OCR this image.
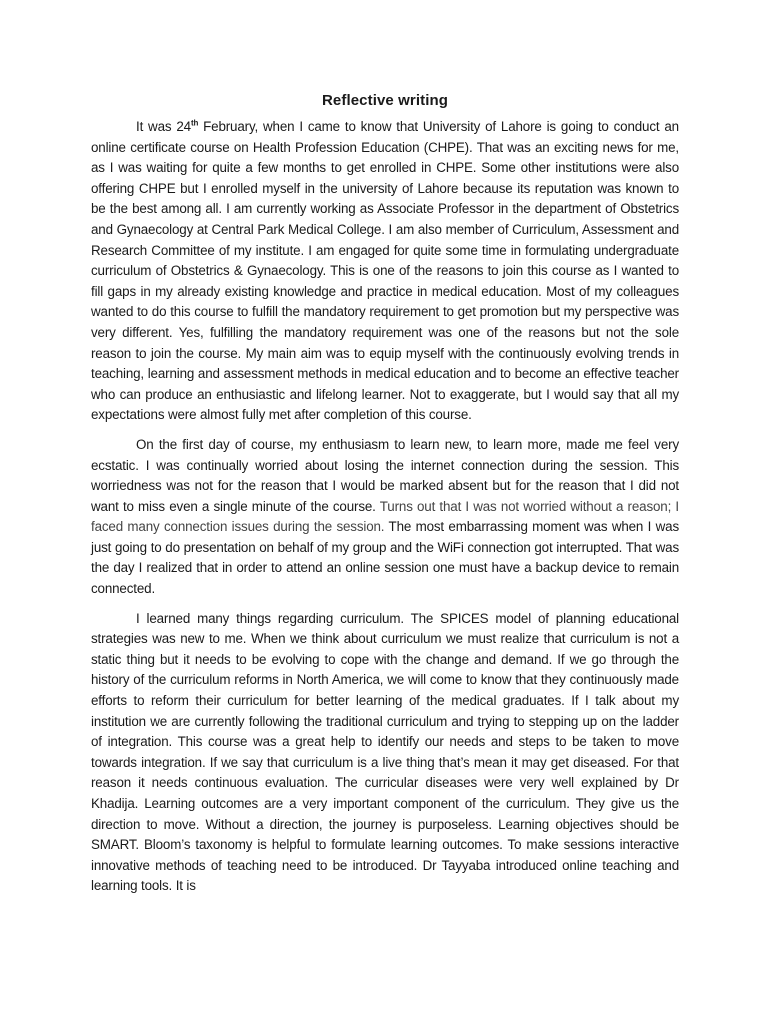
Reflective writing

It was 24th February, when I came to know that University of Lahore is going to conduct an online certificate course on Health Profession Education (CHPE). That was an exciting news for me, as I was waiting for quite a few months to get enrolled in CHPE. Some other institutions were also offering CHPE but I enrolled myself in the university of Lahore because its reputation was known to be the best among all. I am currently working as Associate Professor in the department of Obstetrics and Gynaecology at Central Park Medical College. I am also member of Curriculum, Assessment and Research Committee of my institute. I am engaged for quite some time in formulating undergraduate curriculum of Obstetrics & Gynaecology. This is one of the reasons to join this course as I wanted to fill gaps in my already existing knowledge and practice in medical education. Most of my colleagues wanted to do this course to fulfill the mandatory requirement to get promotion but my perspective was very different. Yes, fulfilling the mandatory requirement was one of the reasons but not the sole reason to join the course. My main aim was to equip myself with the continuously evolving trends in teaching, learning and assessment methods in medical education and to become an effective teacher who can produce an enthusiastic and lifelong learner. Not to exaggerate, but I would say that all my expectations were almost fully met after completion of this course.

On the first day of course, my enthusiasm to learn new, to learn more, made me feel very ecstatic. I was continually worried about losing the internet connection during the session. This worriedness was not for the reason that I would be marked absent but for the reason that I did not want to miss even a single minute of the course. Turns out that I was not worried without a reason; I faced many connection issues during the session. The most embarrassing moment was when I was just going to do presentation on behalf of my group and the WiFi connection got interrupted. That was the day I realized that in order to attend an online session one must have a backup device to remain connected.

I learned many things regarding curriculum. The SPICES model of planning educational strategies was new to me. When we think about curriculum we must realize that curriculum is not a static thing but it needs to be evolving to cope with the change and demand. If we go through the history of the curriculum reforms in North America, we will come to know that they continuously made efforts to reform their curriculum for better learning of the medical graduates. If I talk about my institution we are currently following the traditional curriculum and trying to stepping up on the ladder of integration. This course was a great help to identify our needs and steps to be taken to move towards integration. If we say that curriculum is a live thing that’s mean it may get diseased. For that reason it needs continuous evaluation. The curricular diseases were very well explained by Dr Khadija. Learning outcomes are a very important component of the curriculum. They give us the direction to move. Without a direction, the journey is purposeless. Learning objectives should be SMART. Bloom’s taxonomy is helpful to formulate learning outcomes. To make sessions interactive innovative methods of teaching need to be introduced. Dr Tayyaba introduced online teaching and learning tools. It is
